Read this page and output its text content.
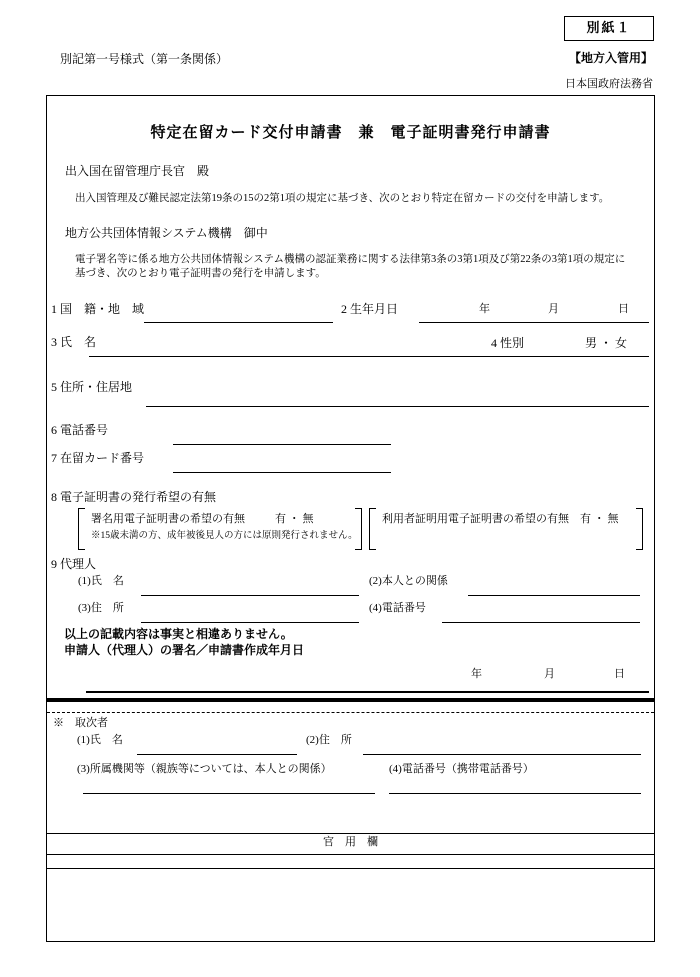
別紙１
別記第一号様式（第一条関係）	【地方入管用】
日本国政府法務省
特定在留カード交付申請書　兼　電子証明書発行申請書
出入国在留管理庁長官　殿
出入国管理及び難民認定法第19条の15の2第1項の規定に基づき、次のとおり特定在留カードの交付を申請します。
地方公共団体情報システム機構　御中
電子署名等に係る地方公共団体情報システム機構の認証業務に関する法律第3条の3第1項及び第22条の3第1項の規定に
基づき、次のとおり電子証明書の発行を申請します。
1 国　籍・地　域	2 生年月日	年	月	日
3 氏　名	4 性別	男 ・ 女
5 住所・住居地
6 電話番号
7 在留カード番号
8 電子証明書の発行希望の有無
署名用電子証明書の希望の有無	有 ・ 無
※15歳未満の方、成年被後見人の方には原則発行されません。
利用者証明用電子証明書の希望の有無 有 ・ 無
9 代理人
(1)氏　名	(2)本人との関係
(3)住　所	(4)電話番号
以上の記載内容は事実と相違ありません。
申請人（代理人）の署名／申請書作成年月日
年	月	日
※　取次者
(1)氏　名	(2)住　所
(3)所属機関等（親族等については、本人との関係）	(4)電話番号（携帯電話番号）
官　用　欄
